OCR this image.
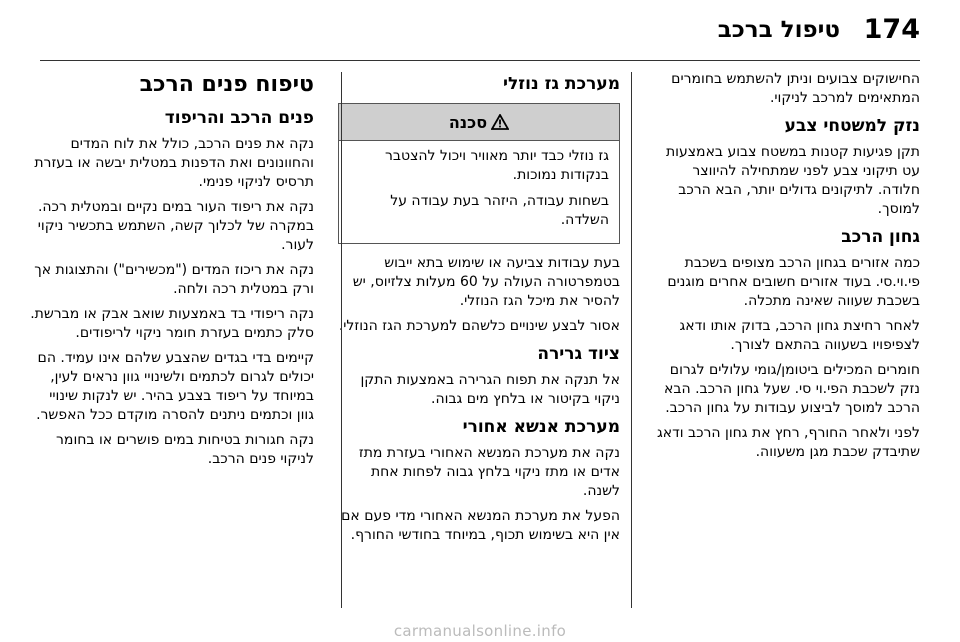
174
טיפול ברכב

החישוקים צבועים וניתן להשתמש בחומרים המתאימים למרכב לניקוי.

נזק למשטחי צבע

תקן פגיעות קטנות במשטח צבוע באמצעות עט תיקוני צבע לפני שמתחילה להיווצר חלודה. לתיקונים גדולים יותר, הבא הרכב למוסך.

גחון הרכב

כמה אזורים בגחון הרכב מצופים בשכבת פי.וי.סי. בעוד אזורים חשובים אחרים מוגנים בשכבת שעווה שאינה מתכלה.

לאחר רחיצת גחון הרכב, בדוק אותו ודאג לצפיפויו בשעווה בהתאם לצורך.

חומרים המכילים ביטומן/גומי עלולים לגרום נזק לשכבת הפי.וי סי. שעל גחון הרכב. הבא הרכב למוסך לביצוע עבודות על גחון הרכב.

לפני ולאחר החורף, רחץ את גחון הרכב ודאג שתיבדק שכבת מגן משעווה.

מערכת גז נוזלי
סכנה

גז נוזלי כבד יותר מאוויר ויכול להצטבר בנקודות נמוכות.

בשחות עבודה, היזהר בעת עבודה על השלדה.

בעת עבודות צביעה או שימוש בתא ייבוש בטמפרטורה העולה על 60 מעלות צלזיוס, יש להסיר את מיכל הגז הנוזלי.

אסור לבצע שינויים כלשהם למערכת הגז הנוזלי.

ציוד גרירה

אל תנקה את תפוח הגרירה באמצעות התקן ניקוי בקיטור או בלחץ מים גבוה.

מערכת אנשא אחורי

נקה את מערכת המנשא האחורי בעזרת מתז אדים או מתז ניקוי בלחץ גבוה לפחות אחת לשנה.

הפעל את מערכת המנשא האחורי מדי פעם אם אין היא בשימוש תכוף, במיוחד בחודשי החורף.

טיפוח פנים הרכב
פנים הרכב והריפוד

נקה את פנים הרכב, כולל את לוח המדים והחוונונים ואת הדפנות במטלית יבשה או בעזרת תרסיס לניקוי פנימי.

נקה את ריפוד העור במים נקיים ובמטלית רכה. במקרה של לכלוך קשה, השתמש בתכשיר ניקוי לעור.

נקה את ריכוז המדים ("מכשירים") והתצוגות אך ורק במטלית רכה ולחה.

נקה ריפודי בד באמצעות שואב אבק או מברשת. סלק כתמים בעזרת חומר ניקוי לריפודים.

קיימים בדי בגדים שהצבע שלהם אינו עמיד. הם יכולים לגרום לכתמים ולשינויי גוון נראים לעין, במיוחד על ריפוד בצבע בהיר. יש לנקות שינויי גוון וכתמים ניתנים להסרה מוקדם ככל האפשר.

נקה חגורות בטיחות במים פושרים או בחומר לניקוי פנים הרכב.

carmanualsonline.info
